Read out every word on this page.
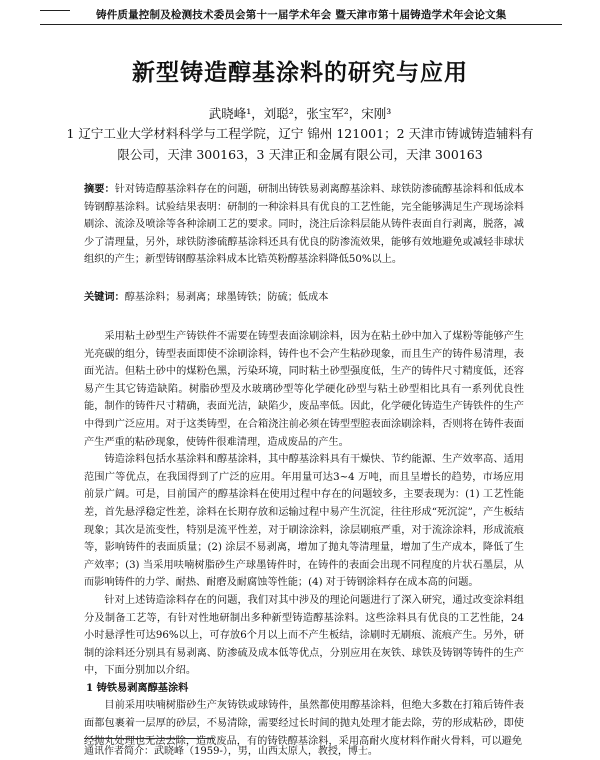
铸件质量控制及检测技术委员会第十一届学术年会 暨天津市第十届铸造学术年会论文集
新型铸造醇基涂料的研究与应用
武晓峰¹，刘聪²，张宝军²，宋刚³
1 辽宁工业大学材料科学与工程学院，辽宁 锦州 121001；2 天津市铸诚铸造辅料有
限公司，天津 300163，3 天津正和金属有限公司，天津 300163
摘要：针对铸造醇基涂料存在的问题，研制出铸铁易剥离醇基涂料、球铁防渗硫醇基涂料和低成本铸钢醇基涂料。试验结果表明：研制的一种涂料具有优良的工艺性能，完全能够满足生产现场涂料刷涂、流涂及喷涂等各种涂刷工艺的要求。同时，浇注后涂料层能从铸件表面自行剥离，脱落，减少了清理量，另外，球铁防渗硫醇基涂料还具有优良的防渗流效果，能够有效地避免或减轻非球状组织的产生；新型铸钢醇基涂料成本比锆英粉醇基涂料降低50%以上。
关键词：醇基涂料；易剥离；球墨铸铁；防硫；低成本

采用粘土砂型生产铸铁件不需要在铸型表面涂刷涂料，因为在粘土砂中加入了煤粉等能够产生光亮碳的组分，铸型表面即使不涂刷涂料，铸件也不会产生粘砂现象，而且生产的铸件易清理，表面光洁。但粘土砂中的煤粉色黑，污染环境，同时粘土砂型强度低，生产的铸件尺寸精度低，还容易产生其它铸造缺陷。树脂砂型及水玻璃砂型等化学硬化砂型与粘土砂型相比具有一系列优良性能，制作的铸件尺寸精确，表面光洁，缺陷少，废品率低。因此，化学硬化铸造生产铸铁件的生产中得到广泛应用。对于这类铸型，在合箱浇注前必须在铸型型腔表面涂刷涂料，否则将在铸件表面产生严重的粘砂现象，使铸件很难清理，造成废品的产生。

铸造涂料包括水基涂料和醇基涂料，其中醇基涂料具有干燥快、节约能源、生产效率高、适用范围广等优点，在我国得到了广泛的应用。年用量可达3~4 万吨，而且呈增长的趋势，市场应用前景广阔。可是，目前国产的醇基涂料在使用过程中存在的问题较多，主要表现为：(1) 工艺性能差，首先悬浮稳定性差，涂料在长期存放和运输过程中易产生沉淀，往往形成“死沉淀”，产生板结现象；其次是流变性，特别是流平性差，对于刷涂涂料，涂层刷痕严重，对于流涂涂料，形成流痕等，影响铸件的表面质量；(2) 涂层不易剥离，增加了抛丸等清理量，增加了生产成本，降低了生产效率；(3) 当采用呋喃树脂砂生产球墨铸件时，在铸件的表面会出现不同程度的片状石墨层，从而影响铸件的力学、耐热、耐磨及耐腐蚀等性能；(4) 对于铸钢涂料存在成本高的问题。

针对上述铸造涂料存在的问题，我们对其中涉及的理论问题进行了深入研究，通过改变涂料组分及制备工艺等，有针对性地研制出多种新型铸造醇基涂料。这些涂料具有优良的工艺性能，24 小时悬浮性可达96%以上，可存放6个月以上而不产生板结，涂刷时无刷痕、流痕产生。另外，研制的涂料还分别具有易剥离、防渗硫及成本低等优点，分别应用在灰铁、球铁及铸钢等铸件的生产中，下面分别加以介绍。

1 铸铁易剥离醇基涂料

目前采用呋喃树脂砂生产灰铸铁或球铸件，虽然都使用醇基涂料，但绝大多数在打箱后铸件表面都包裹着一层厚的砂层，不易清除，需要经过长时间的抛丸处理才能去除，劳的形成粘砂，即使经抛丸处理也无法去除，造成废品，有的铸铁醇基涂料，采用高耐火度材料作耐火骨料，可以避免

通讯作者简介：武晓峰（1959-），男，山西太原人，教授，博士。
